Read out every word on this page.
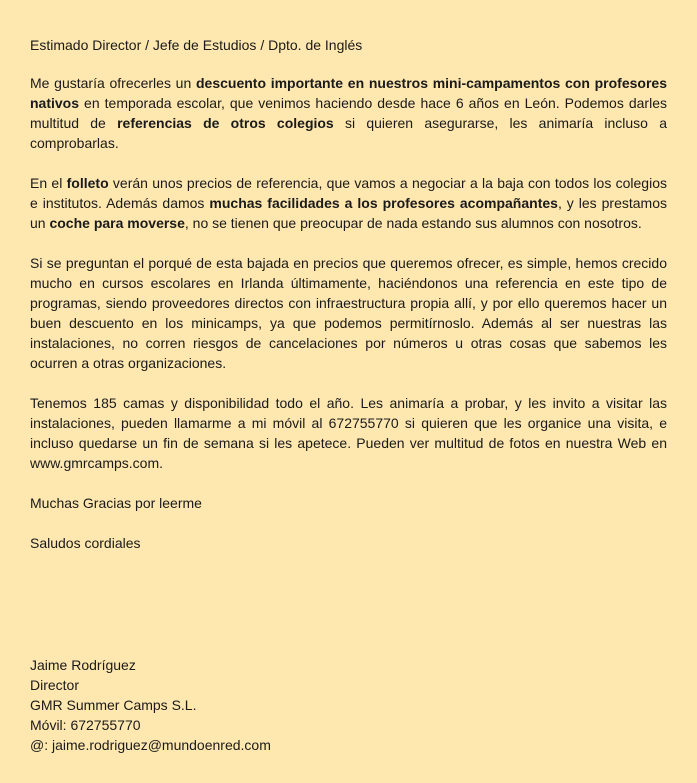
Estimado Director / Jefe de Estudios / Dpto. de Inglés

Me gustaría ofrecerles un descuento importante en nuestros mini-campamentos con profesores nativos en temporada escolar, que venimos haciendo desde hace 6 años en León. Podemos darles multitud de referencias de otros colegios si quieren asegurarse, les animaría incluso a comprobarlas.

En el folleto verán unos precios de referencia, que vamos a negociar a la baja con todos los colegios e institutos. Además damos muchas facilidades a los profesores acompañantes, y les prestamos un coche para moverse, no se tienen que preocupar de nada estando sus alumnos con nosotros.

Si se preguntan el porqué de esta bajada en precios que queremos ofrecer, es simple, hemos crecido mucho en cursos escolares en Irlanda últimamente, haciéndonos una referencia en este tipo de programas, siendo proveedores directos con infraestructura propia allí, y por ello queremos hacer un buen descuento en los minicamps, ya que podemos permitírnoslo. Además al ser nuestras las instalaciones, no corren riesgos de cancelaciones por números u otras cosas que sabemos les ocurren a otras organizaciones.

Tenemos 185 camas y disponibilidad todo el año. Les animaría a probar, y les invito a visitar las instalaciones, pueden llamarme a mi móvil al 672755770 si quieren que les organice una visita, e incluso quedarse un fin de semana si les apetece. Pueden ver multitud de fotos en nuestra Web en www.gmrcamps.com.

Muchas Gracias por leerme
Saludos cordiales
Jaime Rodríguez
Director
GMR Summer Camps S.L.
Móvil: 672755770
@: jaime.rodriguez@mundoenred.com
